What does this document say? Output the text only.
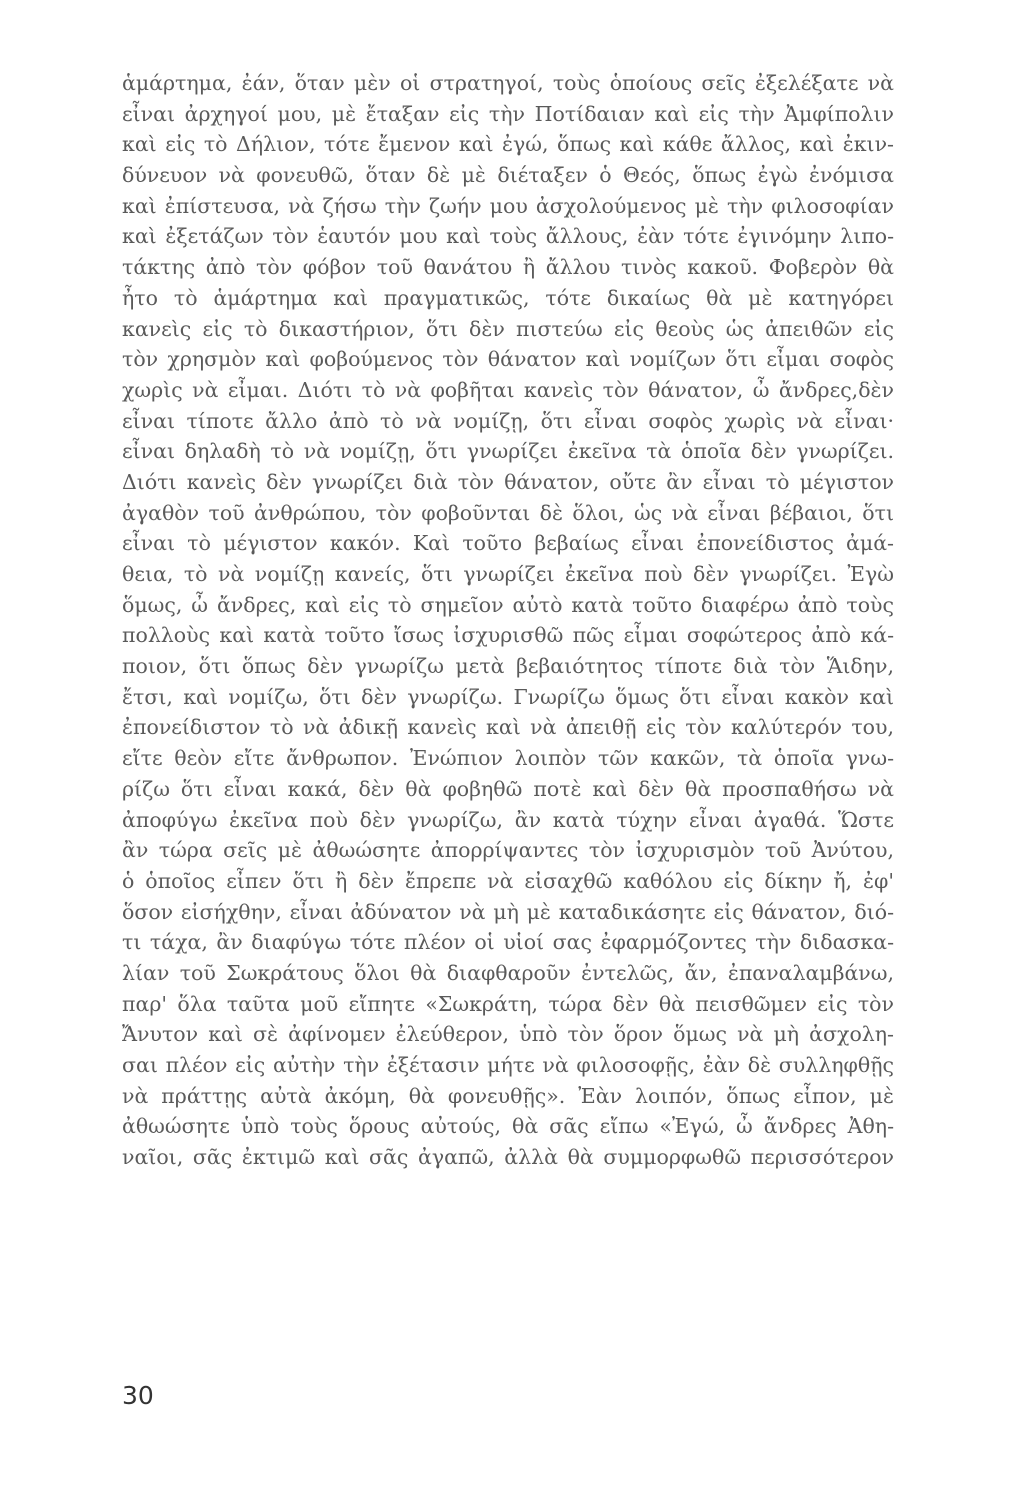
ἁμάρτημα, ἐάν, ὅταν μὲν οἱ στρατηγοί, τοὺς ὁποίους σεῖς ἐξελέξατε νὰ
εἶναι ἀρχηγοί μου, μὲ ἔταξαν εἰς τὴν Ποτίδαιαν καὶ εἰς τὴν Ἀμφίπολιν
καὶ εἰς τὸ Δήλιον, τότε ἔμενον καὶ ἐγώ, ὅπως καὶ κάθε ἄλλος, καὶ ἐκιν-
δύνευον νὰ φονευθῶ, ὅταν δὲ μὲ διέταξεν ὁ Θεός, ὅπως ἐγὼ ἐνόμισα
καὶ ἐπίστευσα, νὰ ζήσω τὴν ζωήν μου ἀσχολούμενος μὲ τὴν φιλοσοφίαν
καὶ ἐξετάζων τὸν ἑαυτόν μου καὶ τοὺς ἄλλους, ἐὰν τότε ἐγινόμην λιπο-
τάκτης ἀπὸ τὸν φόβον τοῦ θανάτου ἢ ἄλλου τινὸς κακοῦ. Φοβερὸν θὰ
ἦτο τὸ ἁμάρτημα καὶ πραγματικῶς, τότε δικαίως θὰ μὲ κατηγόρει
κανεὶς εἰς τὸ δικαστήριον, ὅτι δὲν πιστεύω εἰς θεοὺς ὡς ἀπειθῶν εἰς
τὸν χρησμὸν καὶ φοβούμενος τὸν θάνατον καὶ νομίζων ὅτι εἶμαι σοφὸς
χωρὶς νὰ εἶμαι. Διότι τὸ νὰ φοβῆται κανεὶς τὸν θάνατον, ὦ ἄνδρες,δὲν
εἶναι τίποτε ἄλλο ἀπὸ τὸ νὰ νομίζῃ, ὅτι εἶναι σοφὸς χωρὶς νὰ εἶναι·
εἶναι δηλαδὴ τὸ νὰ νομίζῃ, ὅτι γνωρίζει ἐκεῖνα τὰ ὁποῖα δὲν γνωρίζει.
Διότι κανεὶς δὲν γνωρίζει διὰ τὸν θάνατον, οὔτε ἂν εἶναι τὸ μέγιστον
ἀγαθὸν τοῦ ἀνθρώπου, τὸν φοβοῦνται δὲ ὅλοι, ὡς νὰ εἶναι βέβαιοι, ὅτι
εἶναι τὸ μέγιστον κακόν. Καὶ τοῦτο βεβαίως εἶναι ἐπονείδιστος ἀμά-
θεια, τὸ νὰ νομίζῃ κανείς, ὅτι γνωρίζει ἐκεῖνα ποὺ δὲν γνωρίζει. Ἐγὼ
ὅμως, ὦ ἄνδρες, καὶ εἰς τὸ σημεῖον αὐτὸ κατὰ τοῦτο διαφέρω ἀπὸ τοὺς
πολλοὺς καὶ κατὰ τοῦτο ἴσως ἰσχυρισθῶ πῶς εἶμαι σοφώτερος ἀπὸ κά-
ποιον, ὅτι ὅπως δὲν γνωρίζω μετὰ βεβαιότητος τίποτε διὰ τὸν Ἅιδην,
ἔτσι, καὶ νομίζω, ὅτι δὲν γνωρίζω. Γνωρίζω ὅμως ὅτι εἶναι κακὸν καὶ
ἐπονείδιστον τὸ νὰ ἀδικῇ κανεὶς καὶ νὰ ἀπειθῇ εἰς τὸν καλύτερόν του,
εἴτε θεὸν εἴτε ἄνθρωπον. Ἐνώπιον λοιπὸν τῶν κακῶν, τὰ ὁποῖα γνω-
ρίζω ὅτι εἶναι κακά, δὲν θὰ φοβηθῶ ποτὲ καὶ δὲν θὰ προσπαθήσω νὰ
ἀποφύγω ἐκεῖνα ποὺ δὲν γνωρίζω, ἂν κατὰ τύχην εἶναι ἀγαθά. Ὥστε
ἂν τώρα σεῖς μὲ ἀθωώσητε ἀπορρίψαντες τὸν ἰσχυρισμὸν τοῦ Ἀνύτου,
ὁ ὁποῖος εἶπεν ὅτι ἢ δὲν ἔπρεπε νὰ εἰσαχθῶ καθόλου εἰς δίκην ἤ, ἐφ'
ὅσον εἰσήχθην, εἶναι ἀδύνατον νὰ μὴ μὲ καταδικάσητε εἰς θάνατον, διό-
τι τάχα, ἂν διαφύγω τότε πλέον οἱ υἱοί σας ἐφαρμόζοντες τὴν διδασκα-
λίαν τοῦ Σωκράτους ὅλοι θὰ διαφθαροῦν ἐντελῶς, ἄν, ἐπαναλαμβάνω,
παρ' ὅλα ταῦτα μοῦ εἴπητε «Σωκράτη, τώρα δὲν θὰ πεισθῶμεν εἰς τὸν
Ἄνυτον καὶ σὲ ἀφίνομεν ἐλεύθερον, ὑπὸ τὸν ὅρον ὅμως νὰ μὴ ἀσχολη-
σαι πλέον εἰς αὐτὴν τὴν ἐξέτασιν μήτε νὰ φιλοσοφῇς, ἐὰν δὲ συλληφθῇς
νὰ πράττῃς αὐτὰ ἀκόμη, θὰ φονευθῇς». Ἐὰν λοιπόν, ὅπως εἶπον, μὲ
ἀθωώσητε ὑπὸ τοὺς ὅρους αὐτούς, θὰ σᾶς εἴπω «Ἐγώ, ὦ ἄνδρες Ἀθη-
ναῖοι, σᾶς ἐκτιμῶ καὶ σᾶς ἀγαπῶ, ἀλλὰ θὰ συμμορφωθῶ περισσότερον
30
